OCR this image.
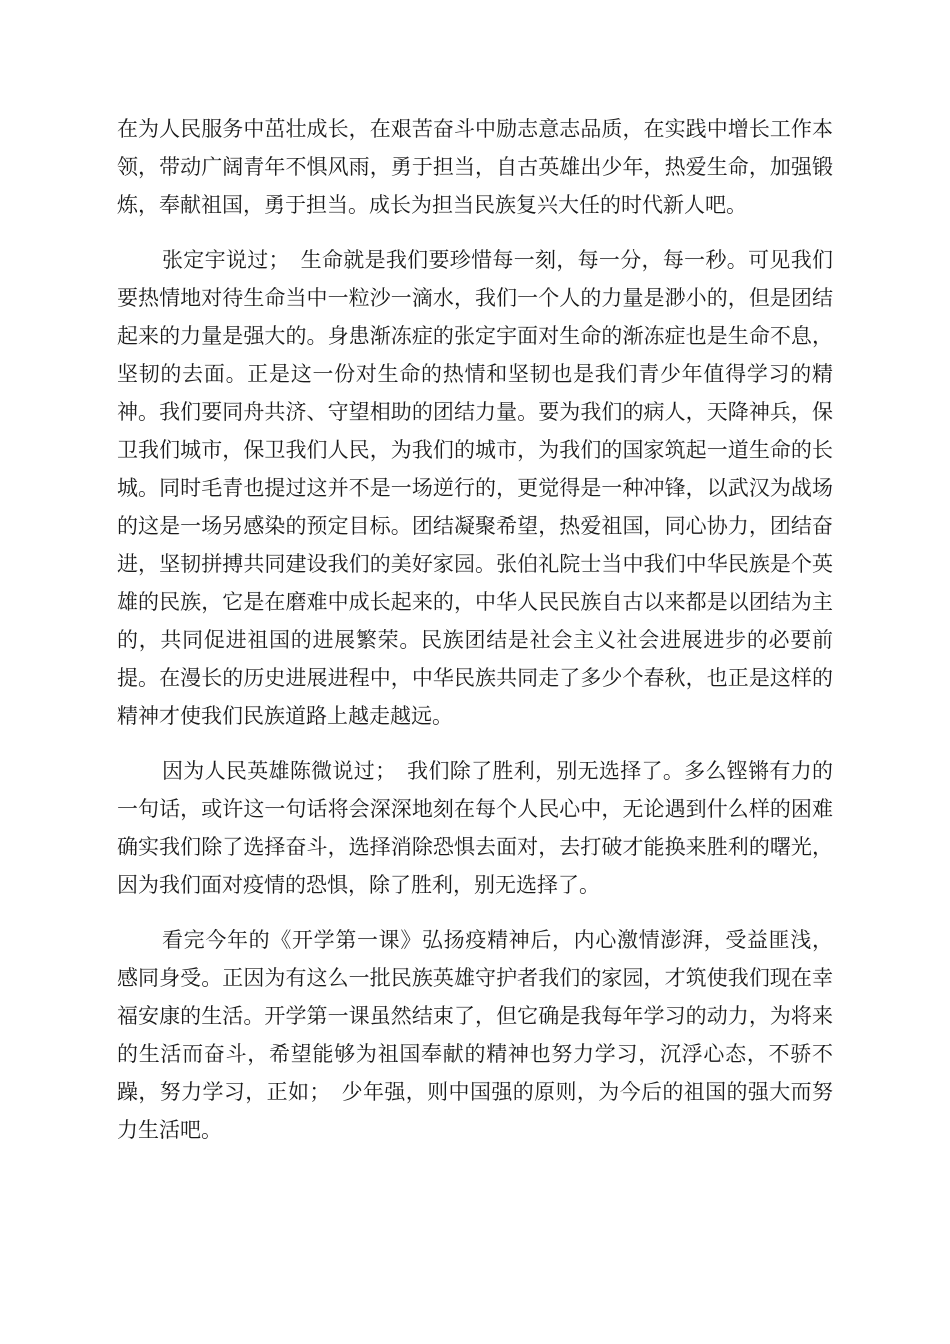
在为人民服务中茁壮成长，在艰苦奋斗中励志意志品质，在实践中增长工作本领，带动广阔青年不惧风雨，勇于担当，自古英雄出少年，热爱生命，加强锻炼，奉献祖国，勇于担当。成长为担当民族复兴大任的时代新人吧。

张定宇说过；　生命就是我们要珍惜每一刻，每一分，每一秒。可见我们要热情地对待生命当中一粒沙一滴水，我们一个人的力量是渺小的，但是团结起来的力量是强大的。身患渐冻症的张定宇面对生命的渐冻症也是生命不息，坚韧的去面。正是这一份对生命的热情和坚韧也是我们青少年值得学习的精神。我们要同舟共济、守望相助的团结力量。要为我们的病人，天降神兵，保卫我们城市，保卫我们人民，为我们的城市，为我们的国家筑起一道生命的长城。同时毛青也提过这并不是一场逆行的，更觉得是一种冲锋，以武汉为战场的这是一场另感染的预定目标。团结凝聚希望，热爱祖国，同心协力，团结奋进，坚韧拼搏共同建设我们的美好家园。张伯礼院士当中我们中华民族是个英雄的民族，它是在磨难中成长起来的，中华人民民族自古以来都是以团结为主的，共同促进祖国的进展繁荣。民族团结是社会主义社会进展进步的必要前提。在漫长的历史进展进程中，中华民族共同走了多少个春秋，也正是这样的精神才使我们民族道路上越走越远。

因为人民英雄陈微说过；　我们除了胜利，别无选择了。多么铿锵有力的一句话，或许这一句话将会深深地刻在每个人民心中，无论遇到什么样的困难确实我们除了选择奋斗，选择消除恐惧去面对，去打破才能换来胜利的曙光，因为我们面对疫情的恐惧，除了胜利，别无选择了。

看完今年的《开学第一课》弘扬疫精神后，内心激情澎湃，受益匪浅，感同身受。正因为有这么一批民族英雄守护者我们的家园，才筑使我们现在幸福安康的生活。开学第一课虽然结束了，但它确是我每年学习的动力，为将来的生活而奋斗，希望能够为祖国奉献的精神也努力学习，沉浮心态，不骄不躁，努力学习，正如；　少年强，则中国强的原则，为今后的祖国的强大而努力生活吧。
